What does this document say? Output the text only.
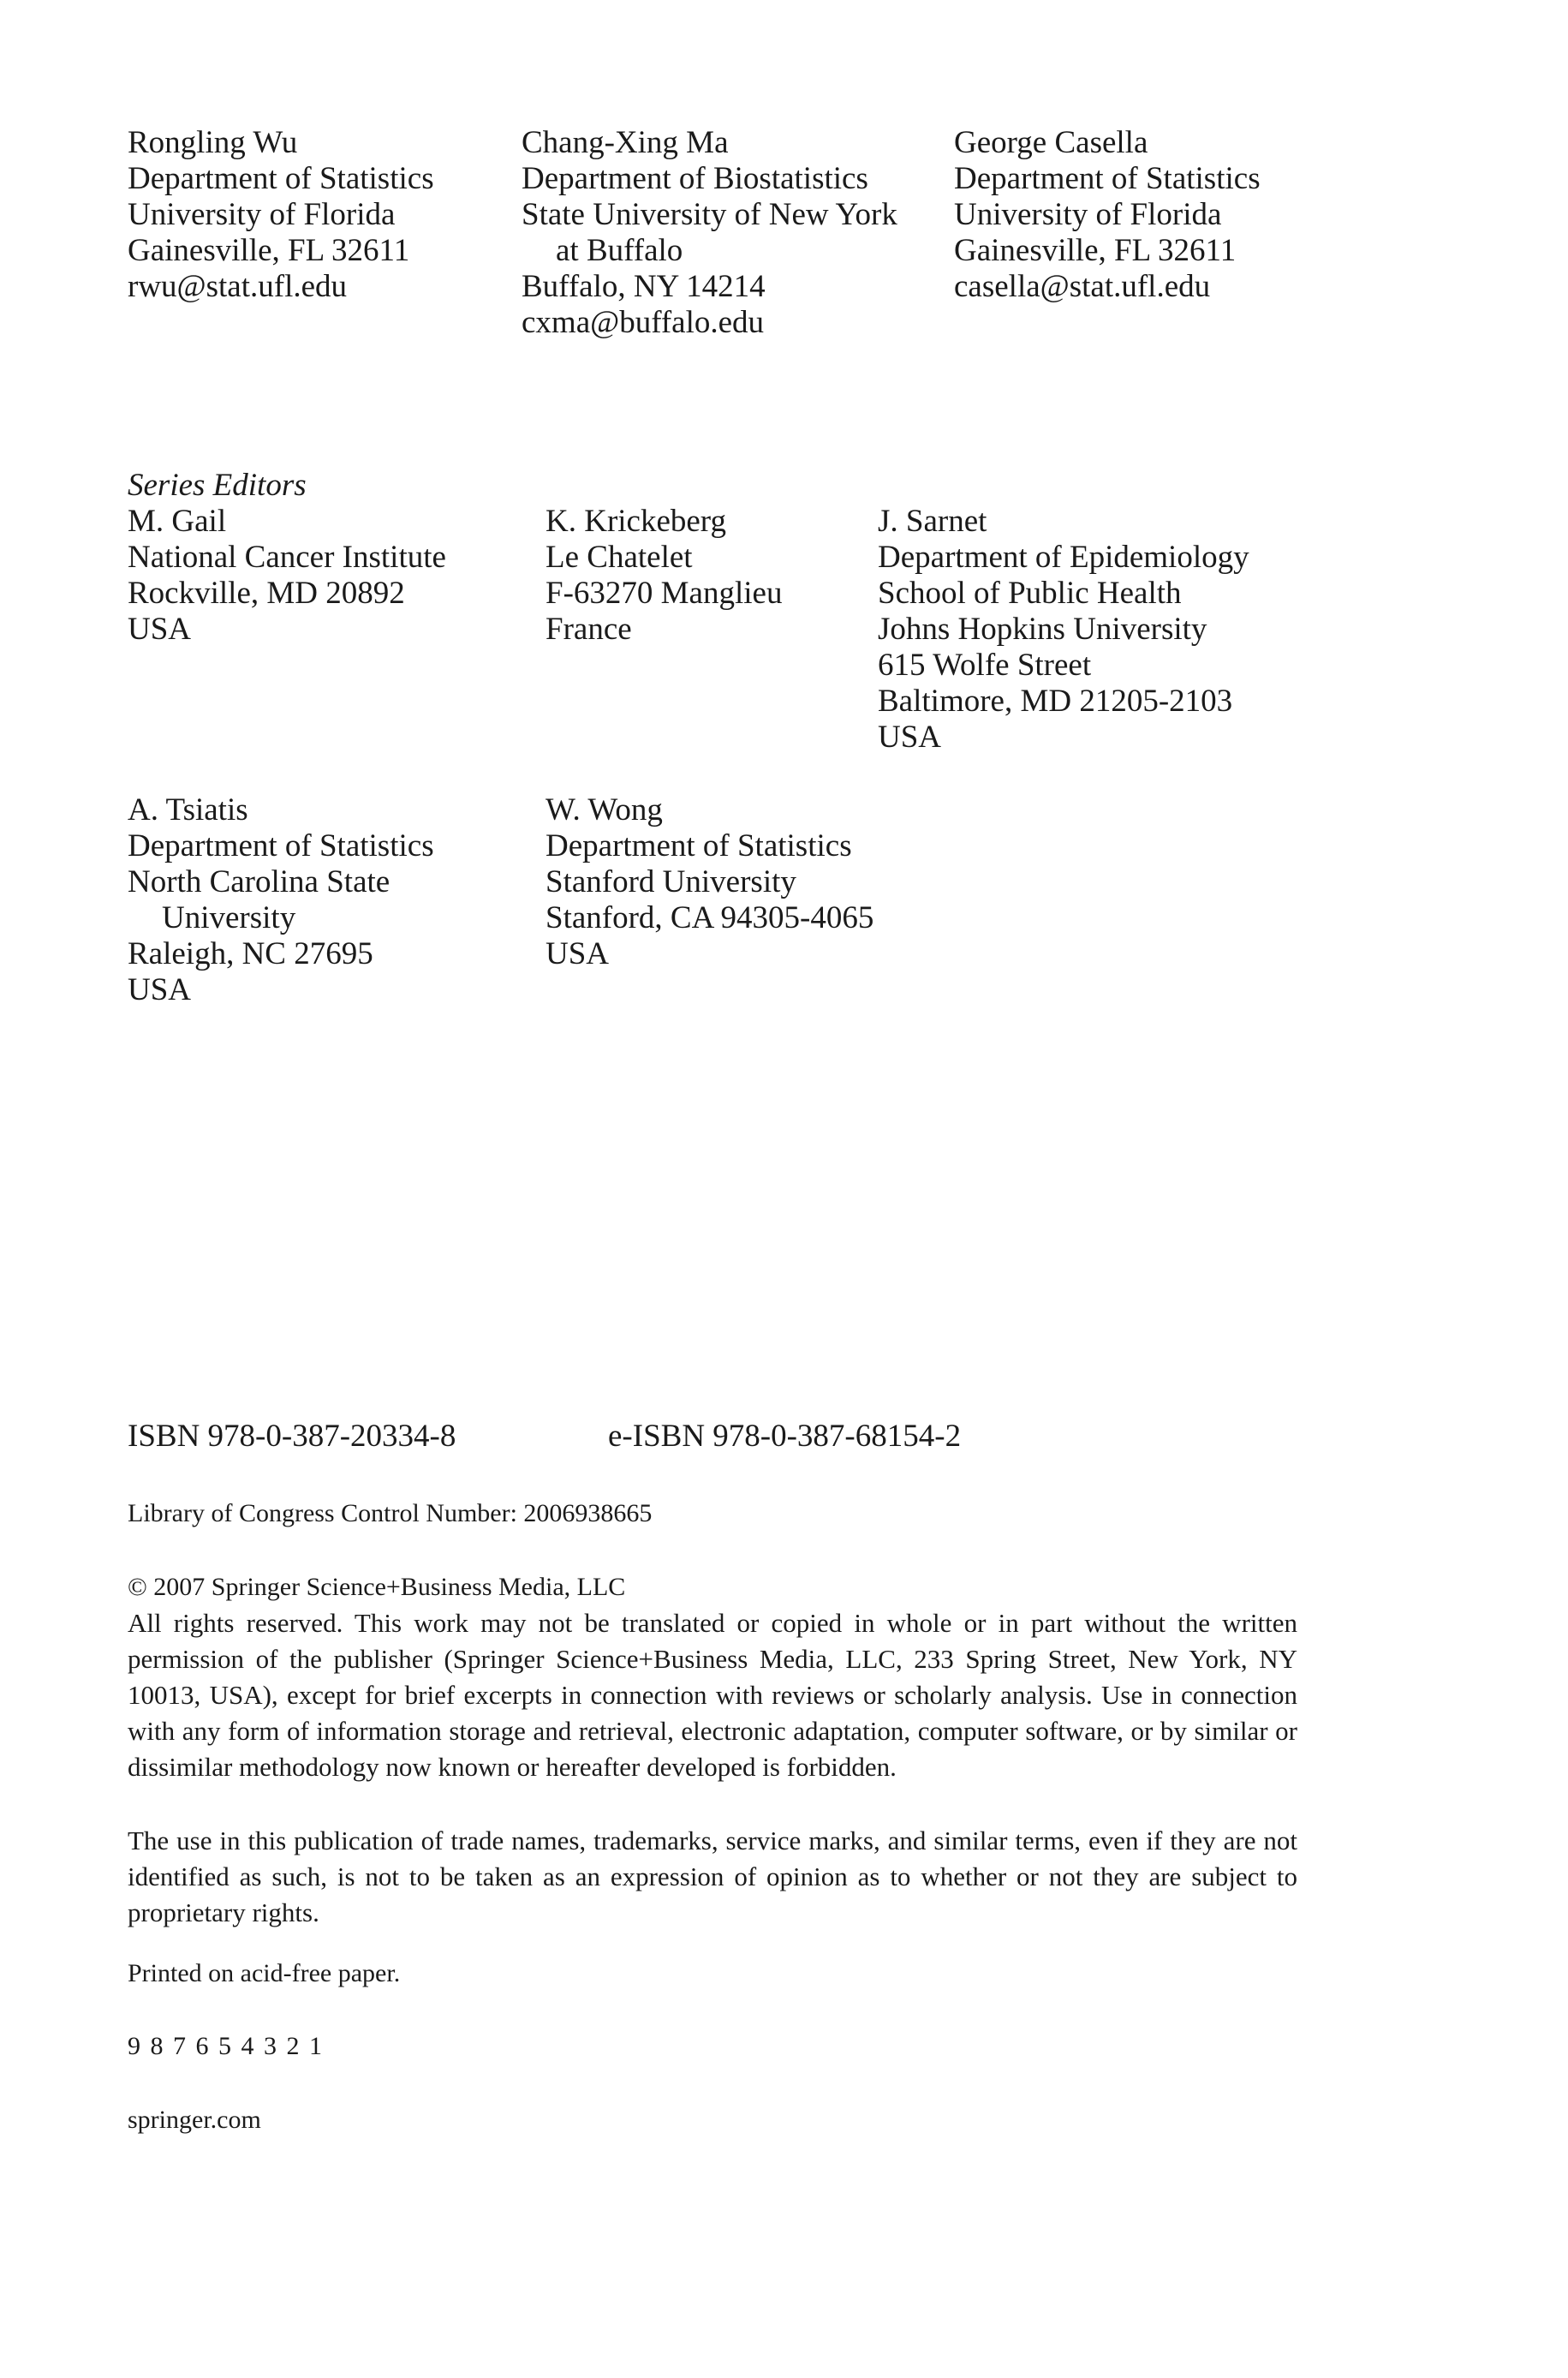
Rongling Wu
Department of Statistics
University of Florida
Gainesville, FL 32611
rwu@stat.ufl.edu
Chang-Xing Ma
Department of Biostatistics
State University of New York
at Buffalo
Buffalo, NY 14214
cxma@buffalo.edu
George Casella
Department of Statistics
University of Florida
Gainesville, FL 32611
casella@stat.ufl.edu
Series Editors
M. Gail
National Cancer Institute
Rockville, MD 20892
USA
K. Krickeberg
Le Chatelet
F-63270 Manglieu
France
J. Sarnet
Department of Epidemiology
School of Public Health
Johns Hopkins University
615 Wolfe Street
Baltimore, MD 21205-2103
USA
A. Tsiatis
Department of Statistics
North Carolina State
University
Raleigh, NC 27695
USA
W. Wong
Department of Statistics
Stanford University
Stanford, CA 94305-4065
USA
ISBN 978-0-387-20334-8	e-ISBN 978-0-387-68154-2
Library of Congress Control Number: 2006938665
© 2007 Springer Science+Business Media, LLC
All rights reserved. This work may not be translated or copied in whole or in part without the written permission of the publisher (Springer Science+Business Media, LLC, 233 Spring Street, New York, NY 10013, USA), except for brief excerpts in connection with reviews or scholarly analysis. Use in connection with any form of information storage and retrieval, electronic adaptation, computer software, or by similar or dissimilar methodology now known or hereafter developed is forbidden.
The use in this publication of trade names, trademarks, service marks, and similar terms, even if they are not identified as such, is not to be taken as an expression of opinion as to whether or not they are subject to proprietary rights.
Printed on acid-free paper.
9 8 7 6 5 4 3 2 1
springer.com
